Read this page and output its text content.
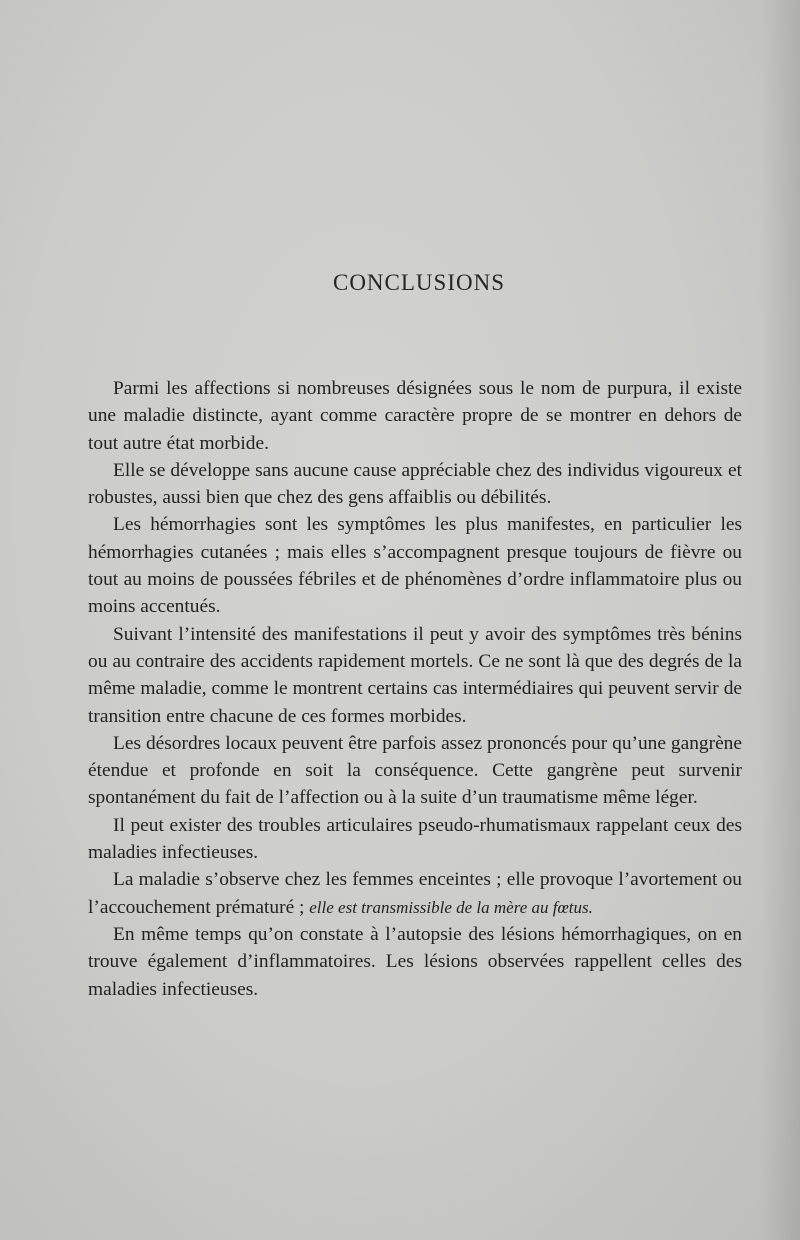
CONCLUSIONS

Parmi les affections si nombreuses désignées sous le nom de purpura, il existe une maladie distincte, ayant comme caractère propre de se montrer en dehors de tout autre état morbide.

Elle se développe sans aucune cause appréciable chez des individus vigoureux et robustes, aussi bien que chez des gens affaiblis ou débilités.

Les hémorrhagies sont les symptômes les plus manifestes, en particulier les hémorrhagies cutanées ; mais elles s’accompagnent presque toujours de fièvre ou tout au moins de poussées fébriles et de phénomènes d’ordre inflammatoire plus ou moins accentués.

Suivant l’intensité des manifestations il peut y avoir des symptômes très bénins ou au contraire des accidents rapidement mortels. Ce ne sont là que des degrés de la même maladie, comme le montrent certains cas intermédiaires qui peuvent servir de transition entre chacune de ces formes morbides.

Les désordres locaux peuvent être parfois assez prononcés pour qu’une gangrène étendue et profonde en soit la conséquence. Cette gangrène peut survenir spontanément du fait de l’affection ou à la suite d’un traumatisme même léger.

Il peut exister des troubles articulaires pseudo-rhumatismaux rappelant ceux des maladies infectieuses.

La maladie s’observe chez les femmes enceintes ; elle provoque l’avortement ou l’accouchement prématuré ; elle est transmissible de la mère au fœtus.

En même temps qu’on constate à l’autopsie des lésions hémorrhagiques, on en trouve également d’inflammatoires. Les lésions observées rappellent celles des maladies infectieuses.
